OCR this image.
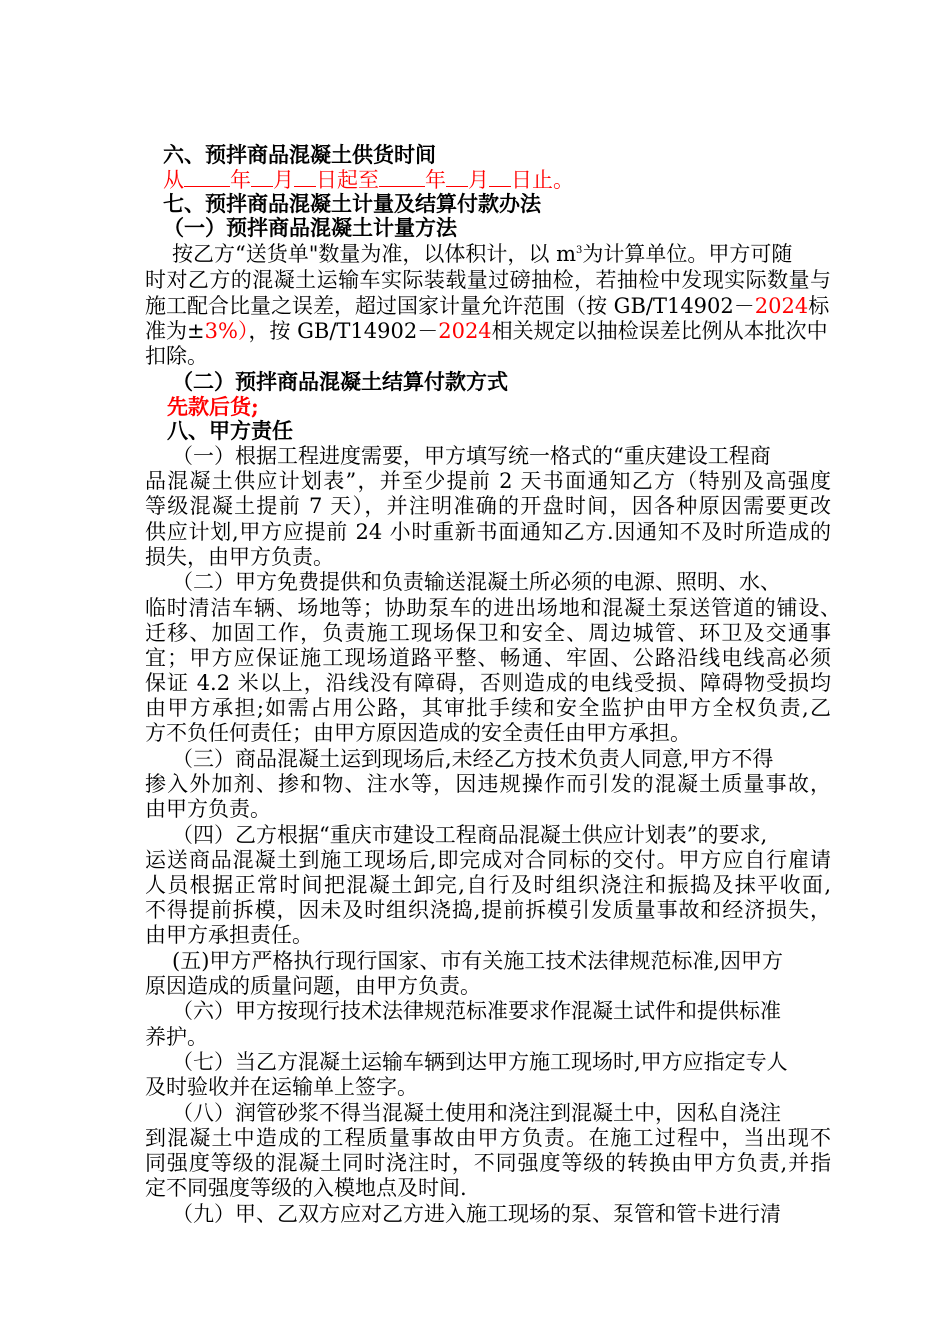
六、预拌商品混凝土供货时间
从 年 月 日起至 年 月 日止。
七、预拌商品混凝土计量及结算付款办法
（一）预拌商品混凝土计量方法
按乙方“送货单"数量为准，以体积计，以 $m^3$为计算单位。甲方可随
时对乙方的混凝土运输车实际装载量过磅抽检，若抽检中发现实际数量与
施工配合比量之误差，超过国家计量允许范围（按 GB/T14902－2024标
准为±3%），按 GB/T14902－2024相关规定以抽检误差比例从本批次中
扣除。
（二）预拌商品混凝土结算付款方式
先款后货;
八、甲方责任
（一）根据工程进度需要，甲方填写统一格式的“重庆建设工程商
品混凝土供应计划表”，并至少提前 2 天书面通知乙方（特别及高强度
等级混凝土提前 7 天），并注明准确的开盘时间，因各种原因需要更改
供应计划,甲方应提前 24 小时重新书面通知乙方.因通知不及时所造成的
损失，由甲方负责。
（二）甲方免费提供和负责输送混凝土所必须的电源、照明、水、
临时清洁车辆、场地等；协助泵车的进出场地和混凝土泵送管道的铺设、
迁移、加固工作，负责施工现场保卫和安全、周边城管、环卫及交通事
宜；甲方应保证施工现场道路平整、畅通、牢固、公路沿线电线高必须
保证 4.2 米以上，沿线没有障碍，否则造成的电线受损、障碍物受损均
由甲方承担;如需占用公路，其审批手续和安全监护由甲方全权负责,乙
方不负任何责任；由甲方原因造成的安全责任由甲方承担。
（三）商品混凝土运到现场后,未经乙方技术负责人同意,甲方不得
掺入外加剂、掺和物、注水等，因违规操作而引发的混凝土质量事故，
由甲方负责。
（四）乙方根据“重庆市建设工程商品混凝土供应计划表”的要求,
运送商品混凝土到施工现场后,即完成对合同标的交付。甲方应自行雇请
人员根据正常时间把混凝土卸完,自行及时组织浇注和振捣及抹平收面,
不得提前拆模，因未及时组织浇捣,提前拆模引发质量事故和经济损失，
由甲方承担责任。
(五)甲方严格执行现行国家、市有关施工技术法律规范标准,因甲方
原因造成的质量问题，由甲方负责。
（六）甲方按现行技术法律规范标准要求作混凝土试件和提供标准
养护。
（七）当乙方混凝土运输车辆到达甲方施工现场时,甲方应指定专人
及时验收并在运输单上签字。
（八）润管砂浆不得当混凝土使用和浇注到混凝土中，因私自浇注
到混凝土中造成的工程质量事故由甲方负责。在施工过程中，当出现不
同强度等级的混凝土同时浇注时，不同强度等级的转换由甲方负责,并指
定不同强度等级的入模地点及时间.
（九）甲、乙双方应对乙方进入施工现场的泵、泵管和管卡进行清
